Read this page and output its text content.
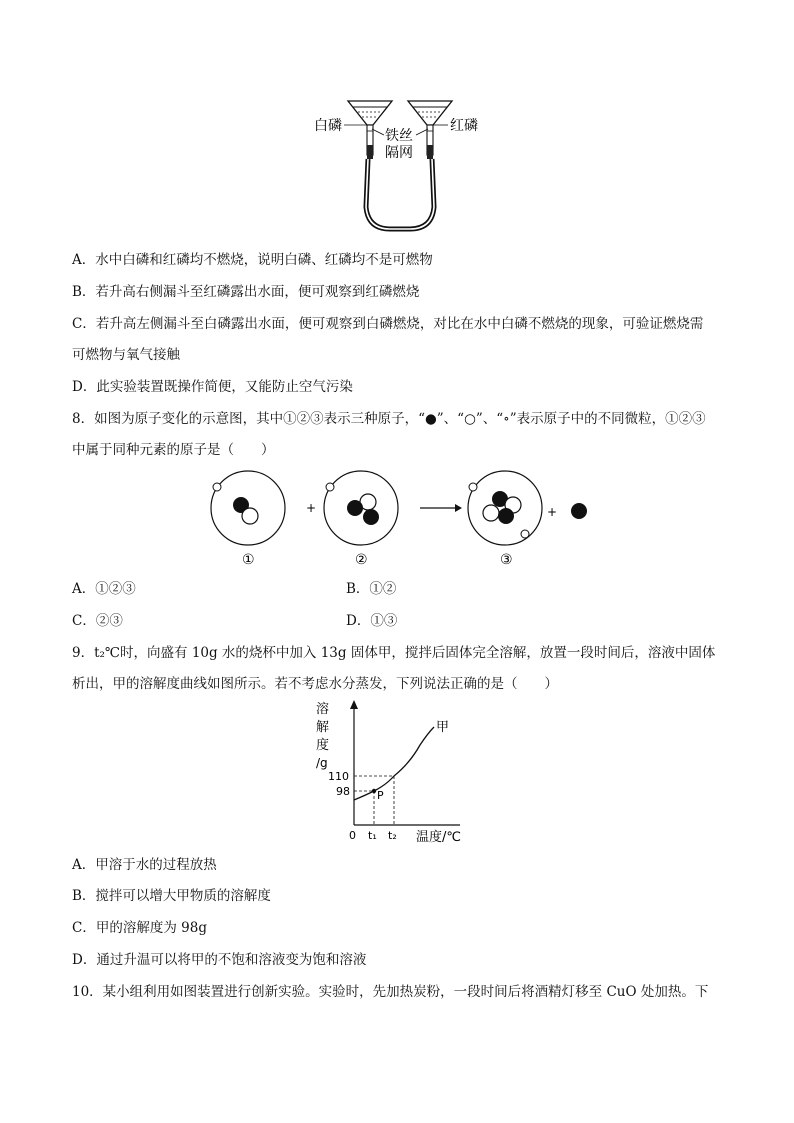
白磷	红磷
铁丝
隔网
A．水中白磷和红磷均不燃烧，说明白磷、红磷均不是可燃物
B．若升高右侧漏斗至红磷露出水面，便可观察到红磷燃烧
C．若升高左侧漏斗至白磷露出水面，便可观察到白磷燃烧，对比在水中白磷不燃烧的现象，可验证燃烧需
可燃物与氧气接触
D．此实验装置既操作简便，又能防止空气污染
8．如图为原子变化的示意图，其中①②③表示三种原子，“●”、“○”、“∘”表示原子中的不同微粒，①②③
中属于同种元素的原子是（　　）
+	+
①	②	③
A．①②③	B．①②
C．②③	D．①③
9．t₂℃时，向盛有 10g 水的烧杯中加入 13g 固体甲，搅拌后固体完全溶解，放置一段时间后，溶液中固体
析出，甲的溶解度曲线如图所示。若不考虑水分蒸发，下列说法正确的是（　　）
溶
解
度
/g
110
98 P
甲
0 t₁ t₂ 温度/℃
A．甲溶于水的过程放热
B．搅拌可以增大甲物质的溶解度
C．甲的溶解度为 98g
D．通过升温可以将甲的不饱和溶液变为饱和溶液
10．某小组利用如图装置进行创新实验。实验时，先加热炭粉，一段时间后将酒精灯移至 CuO 处加热。下
